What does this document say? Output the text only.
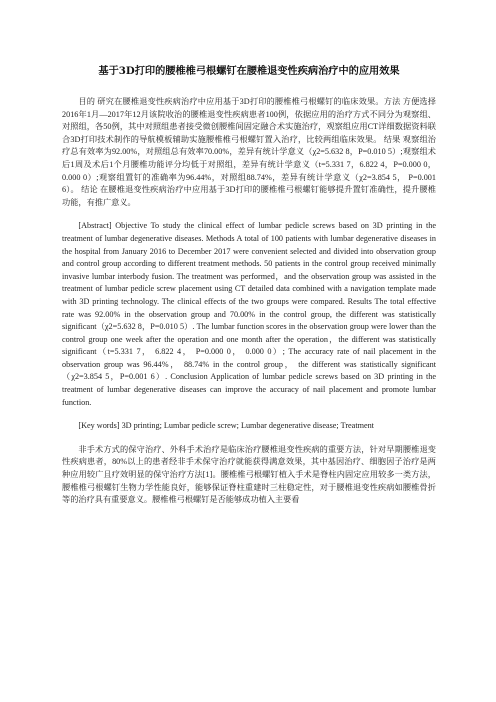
基于3D打印的腰椎椎弓根螺钉在腰椎退变性疾病治疗中的应用效果

目的 研究在腰椎退变性疾病治疗中应用基于3D打印的腰椎椎弓根螺钉的临床效果。方法 方便选择2016年1月—2017年12月该院收治的腰椎退变性疾病患者100例，依据应用的治疗方式不同分为观察组、对照组，各50例，其中对照组患者接受微创腰椎间固定融合术实施治疗，观察组应用CT详细数据资料联合3D打印技术制作的导航模板辅助实施腰椎椎弓根螺钉置入治疗，比较两组临床效果。 结果 观察组治疗总有效率为92.00%，对照组总有效率70.00%，差异有统计学意义（χ2=5.632 8，P=0.010 5）;观察组术后1周及术后1个月腰椎功能评分均低于对照组，差异有统计学意义（t=5.331 7，6.822 4，P=0.000 0，0.000 0）;观察组置钉的准确率为96.44%，对照组88.74%，差异有统计学意义（χ2=3.854 5， P=0.001 6）。 结论 在腰椎退变性疾病治疗中应用基于3D打印的腰椎椎弓根螺钉能够提升置钉准确性，提升腰椎功能，有推广意义。

[Abstract] Objective To study the clinical effect of lumbar pedicle screws based on 3D printing in the treatment of lumbar degenerative diseases. Methods A total of 100 patients with lumbar degenerative diseases in the hospital from January 2016 to December 2017 were convenient selected and divided into observation group and control group according to different treatment methods. 50 patients in the control group received minimally invasive lumbar interbody fusion. The treatment was performed，and the observation group was assisted in the treatment of lumbar pedicle screw placement using CT detailed data combined with a navigation template made with 3D printing technology. The clinical effects of the two groups were compared. Results The total effective rate was 92.00% in the observation group and 70.00% in the control group, the different was statistically significant（χ2=5.632 8，P=0.010 5）. The lumbar function scores in the observation group were lower than the control group one week after the operation and one month after the operation，the different was statistically significant（t=5.331 7， 6.822 4， P=0.000 0， 0.000 0）; The accuracy rate of nail placement in the observation group was 96.44%， 88.74% in the control group， the different was statistically significant（χ2=3.854 5，P=0.001 6）. Conclusion Application of lumbar pedicle screws based on 3D printing in the treatment of lumbar degenerative diseases can improve the accuracy of nail placement and promote lumbar function.

[Key words] 3D printing; Lumbar pedicle screw; Lumbar degenerative disease; Treatment

非手术方式的保守治疗、外科手术治疗是临床治疗腰椎退变性疾病的重要方法，针对早期腰椎退变性疾病患者，80%以上的患者经非手术保守治疗就能获得满意效果，其中基因治疗、细胞因子治疗是两种应用较广且疗效明显的保守治疗方法[1]。腰椎椎弓根螺钉植入手术是脊柱内固定应用较多一类方法，腰椎椎弓根螺钉生物力学性能良好，能够保证脊柱重建时三柱稳定性，对于腰椎退变性疾病如腰椎骨折等的治疗具有重要意义。腰椎椎弓根螺钉是否能够成功植入主要看
